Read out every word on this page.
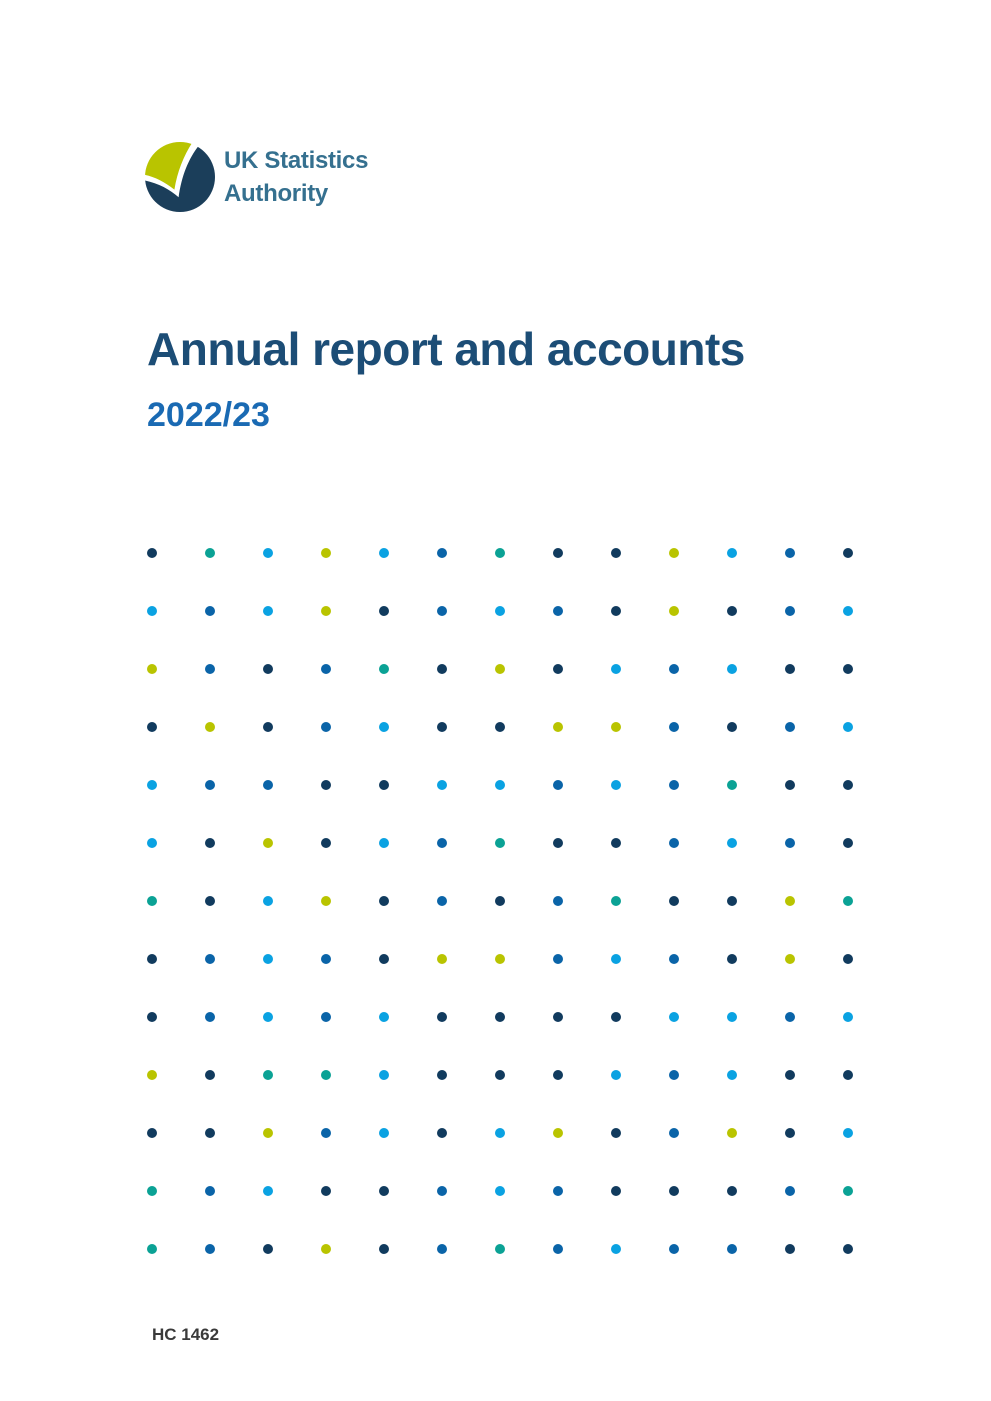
UK Statistics
Authority
Annual report and accounts
2022/23
HC 1462
